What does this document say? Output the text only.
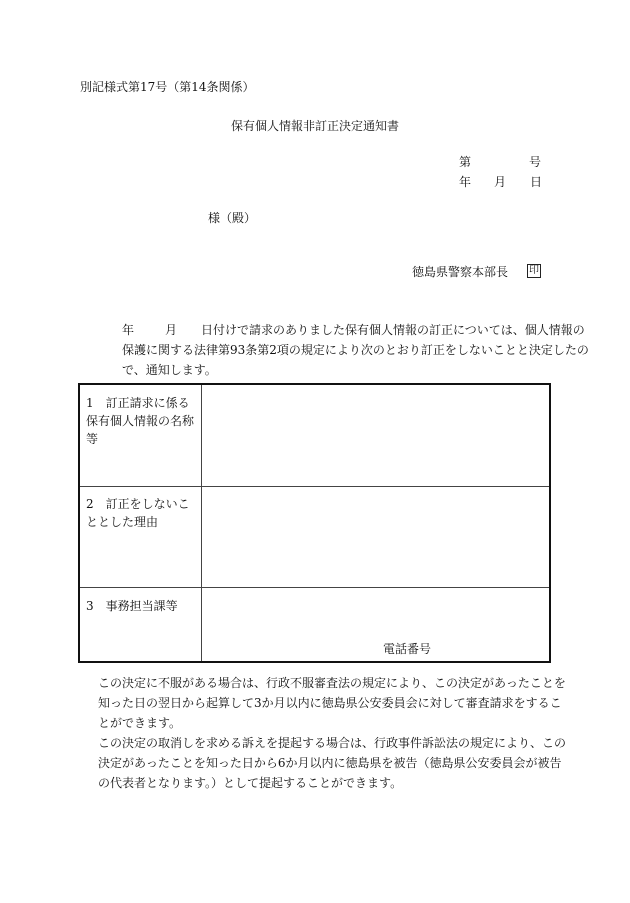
別記様式第17号（第14条関係）
保有個人情報非訂正決定通知書
第	号
年 月 日
様（殿）
徳島県警察本部長 印
年	月 日付けで請求のありました保有個人情報の訂正については、個人情報の保護に関する法律第93条第2項の規定により次のとおり訂正をしないことと決定したので、通知します。
1　訂正請求に係る保有個人情報の名称等
2　訂正をしないこととした理由
3　事務担当課等
電話番号
この決定に不服がある場合は、行政不服審査法の規定により、この決定があったことを知った日の翌日から起算して3か月以内に徳島県公安委員会に対して審査請求をすることができます。
この決定の取消しを求める訴えを提起する場合は、行政事件訴訟法の規定により、この決定があったことを知った日から6か月以内に徳島県を被告（徳島県公安委員会が被告の代表者となります。）として提起することができます。
